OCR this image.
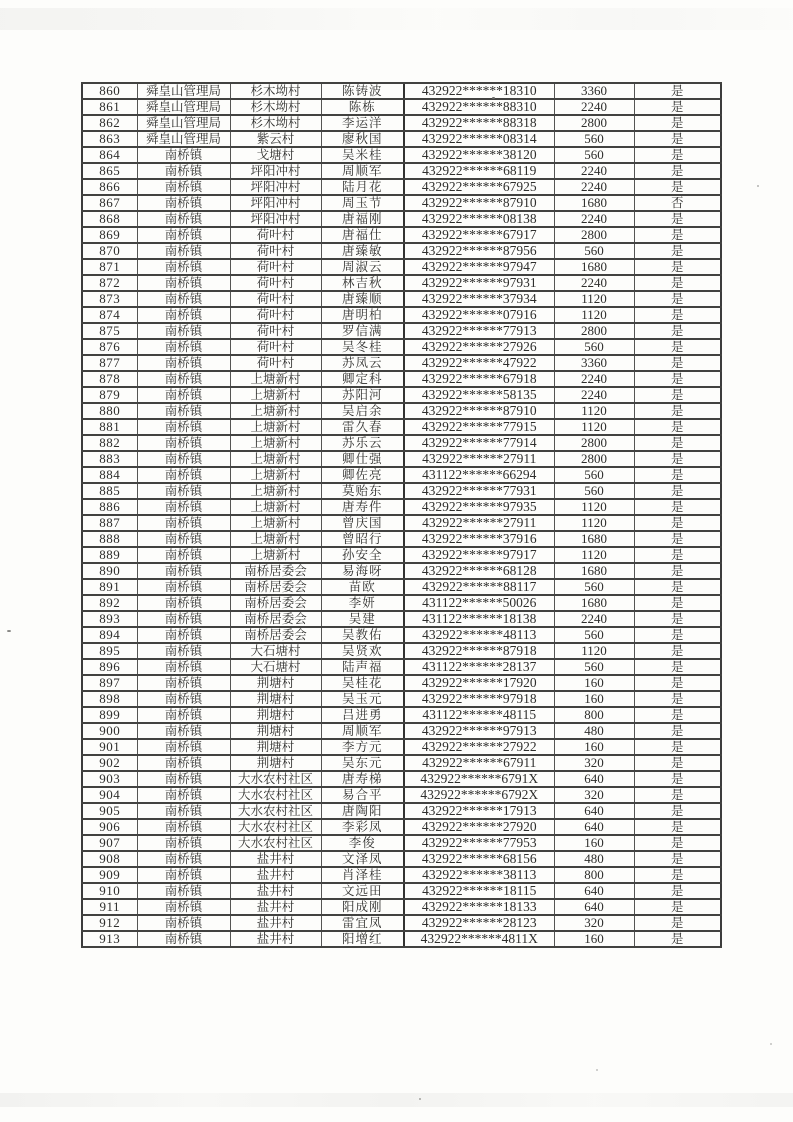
860	舜皇山管理局	杉木坳村	陈铸波	432922******18310	3360	是
861	舜皇山管理局	杉木坳村	陈栋	432922******88310	2240	是
862	舜皇山管理局	杉木坳村	李运洋	432922******88318	2800	是
863	舜皇山管理局	紫云村	廖秋国	432922******08314	560	是
864	南桥镇	戈塘村	吴米桂	432922******38120	560	是
865	南桥镇	坪阳冲村	周顺军	432922******68119	2240	是
866	南桥镇	坪阳冲村	陆月花	432922******67925	2240	是
867	南桥镇	坪阳冲村	周玉节	432922******87910	1680	否
868	南桥镇	坪阳冲村	唐福刚	432922******08138	2240	是
869	南桥镇	荷叶村	唐福仕	432922******67917	2800	是
870	南桥镇	荷叶村	唐臻敏	432922******87956	560	是
871	南桥镇	荷叶村	周淑云	432922******97947	1680	是
872	南桥镇	荷叶村	林吉秋	432922******97931	2240	是
873	南桥镇	荷叶村	唐臻顺	432922******37934	1120	是
874	南桥镇	荷叶村	唐明柏	432922******07916	1120	是
875	南桥镇	荷叶村	罗信满	432922******77913	2800	是
876	南桥镇	荷叶村	吴冬桂	432922******27926	560	是
877	南桥镇	荷叶村	苏凤云	432922******47922	3360	是
878	南桥镇	上塘新村	卿定科	432922******67918	2240	是
879	南桥镇	上塘新村	苏阳河	432922******58135	2240	是
880	南桥镇	上塘新村	吴启余	432922******87910	1120	是
881	南桥镇	上塘新村	雷久春	432922******77915	1120	是
882	南桥镇	上塘新村	苏乐云	432922******77914	2800	是
883	南桥镇	上塘新村	卿仕强	432922******27911	2800	是
884	南桥镇	上塘新村	卿佐亮	431122******66294	560	是
885	南桥镇	上塘新村	莫贻东	432922******77931	560	是
886	南桥镇	上塘新村	唐寿件	432922******97935	1120	是
887	南桥镇	上塘新村	曾庆国	432922******27911	1120	是
888	南桥镇	上塘新村	曾昭行	432922******37916	1680	是
889	南桥镇	上塘新村	孙安全	432922******97917	1120	是
890	南桥镇	南桥居委会	易海呀	432922******68128	1680	是
891	南桥镇	南桥居委会	苗欧	432922******88117	560	是
892	南桥镇	南桥居委会	李妍	431122******50026	1680	是
893	南桥镇	南桥居委会	吴建	431122******18138	2240	是
894	南桥镇	南桥居委会	吴教佑	432922******48113	560	是
895	南桥镇	大石塘村	吴贤欢	432922******87918	1120	是
896	南桥镇	大石塘村	陆声福	431122******28137	560	是
897	南桥镇	荆塘村	吴桂花	432922******17920	160	是
898	南桥镇	荆塘村	吴玉元	432922******97918	160	是
899	南桥镇	荆塘村	吕进勇	431122******48115	800	是
900	南桥镇	荆塘村	周顺军	432922******97913	480	是
901	南桥镇	荆塘村	李方元	432922******27922	160	是
902	南桥镇	荆塘村	吴东元	432922******67911	320	是
903	南桥镇	大水农村社区	唐寿梯	432922******6791X	640	是
904	南桥镇	大水农村社区	易合平	432922******6792X	320	是
905	南桥镇	大水农村社区	唐陶阳	432922******17913	640	是
906	南桥镇	大水农村社区	李彩凤	432922******27920	640	是
907	南桥镇	大水农村社区	李俊	432922******77953	160	是
908	南桥镇	盐井村	文泽凤	432922******68156	480	是
909	南桥镇	盐井村	肖泽桂	432922******38113	800	是
910	南桥镇	盐井村	文远田	432922******18115	640	是
911	南桥镇	盐井村	阳成刚	432922******18133	640	是
912	南桥镇	盐井村	雷宜凤	432922******28123	320	是
913	南桥镇	盐井村	阳增红	432922******4811X	160	是
